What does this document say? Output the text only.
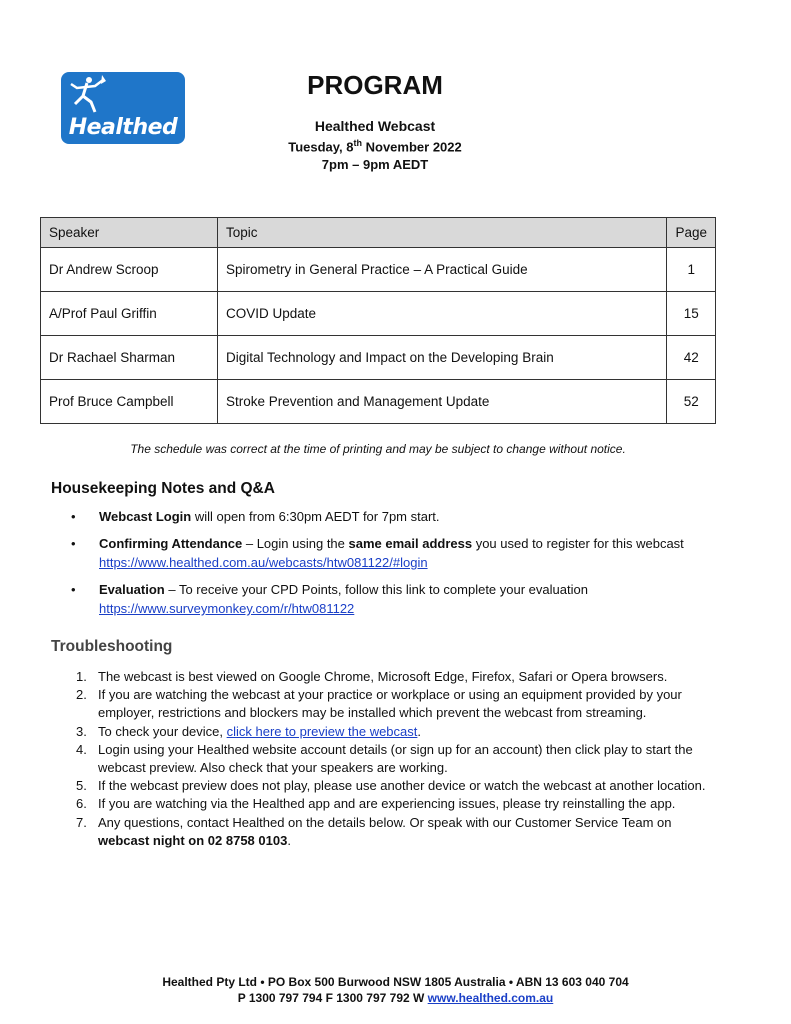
Healthed
PROGRAM
Healthed Webcast
Tuesday, 8th November 2022
7pm – 9pm AEDT
Speaker	Topic	Page
Dr Andrew Scroop	Spirometry in General Practice – A Practical Guide	1
A/Prof Paul Griffin	COVID Update	15
Dr Rachael Sharman	Digital Technology and Impact on the Developing Brain	42
Prof Bruce Campbell	Stroke Prevention and Management Update	52
The schedule was correct at the time of printing and may be subject to change without notice.
Housekeeping Notes and Q&A
• Webcast Login will open from 6:30pm AEDT for 7pm start.
• Confirming Attendance – Login using the same email address you used to register for this webcast https://www.healthed.com.au/webcasts/htw081122/#login
• Evaluation – To receive your CPD Points, follow this link to complete your evaluation https://www.surveymonkey.com/r/htw081122
Troubleshooting
1. The webcast is best viewed on Google Chrome, Microsoft Edge, Firefox, Safari or Opera browsers.
2. If you are watching the webcast at your practice or workplace or using an equipment provided by your employer, restrictions and blockers may be installed which prevent the webcast from streaming.
3. To check your device, click here to preview the webcast.
4. Login using your Healthed website account details (or sign up for an account) then click play to start the webcast preview. Also check that your speakers are working.
5. If the webcast preview does not play, please use another device or watch the webcast at another location.
6. If you are watching via the Healthed app and are experiencing issues, please try reinstalling the app.
7. Any questions, contact Healthed on the details below. Or speak with our Customer Service Team on webcast night on 02 8758 0103.
Healthed Pty Ltd • PO Box 500 Burwood NSW 1805 Australia • ABN 13 603 040 704
P 1300 797 794 F 1300 797 792 W www.healthed.com.au
